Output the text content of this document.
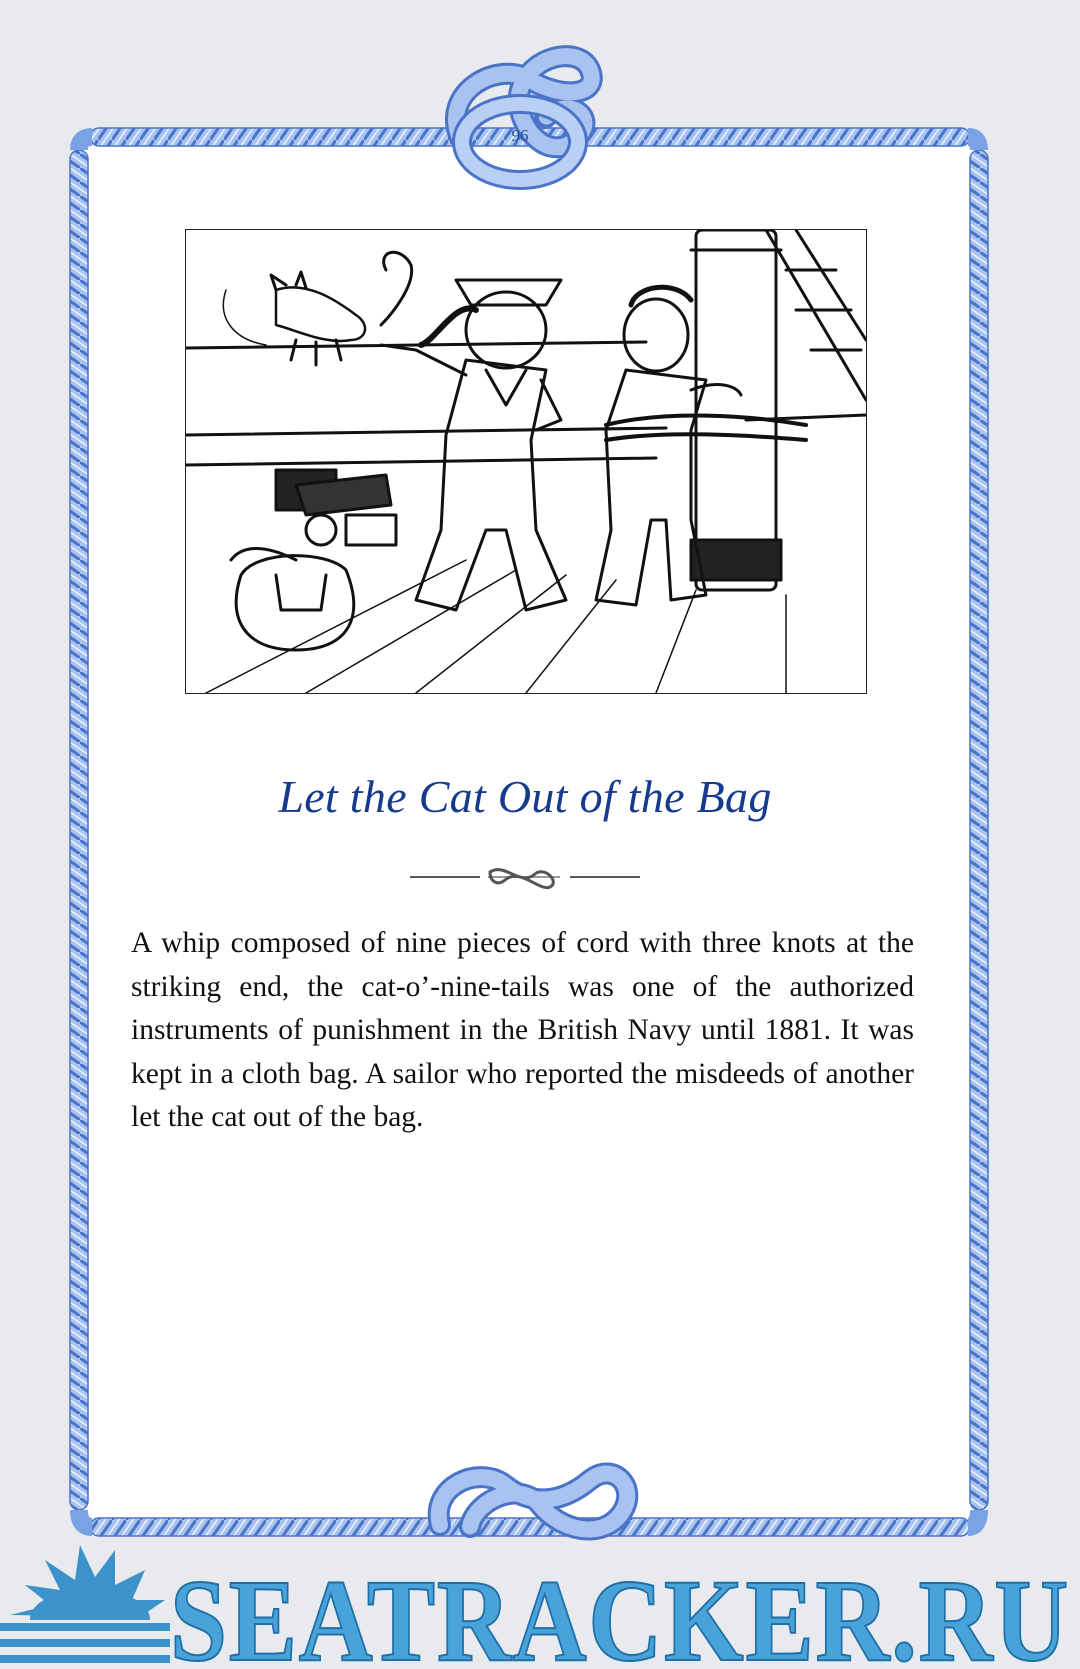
96
Let the Cat Out of the Bag
A whip composed of nine pieces of cord with three knots at the striking end, the cat-o’-nine-tails was one of the authorized instruments of punishment in the British Navy until 1881. It was kept in a cloth bag. A sailor who reported the misdeeds of another let the cat out of the bag.
SEATRACKER.RU
